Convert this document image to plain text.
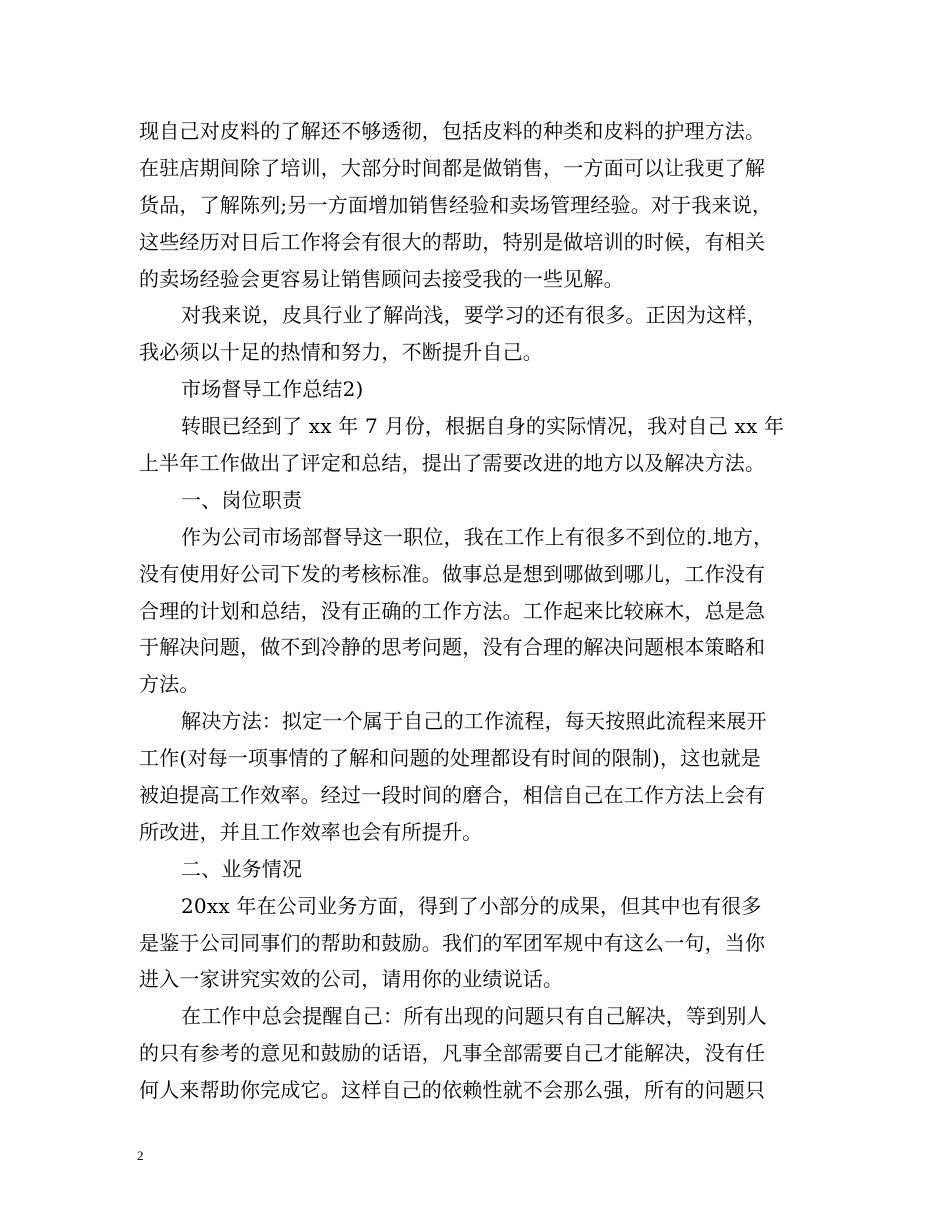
现自己对皮料的了解还不够透彻，包括皮料的种类和皮料的护理方法。
在驻店期间除了培训，大部分时间都是做销售，一方面可以让我更了解
货品，了解陈列;另一方面增加销售经验和卖场管理经验。对于我来说，
这些经历对日后工作将会有很大的帮助，特别是做培训的时候，有相关
的卖场经验会更容易让销售顾问去接受我的一些见解。
对我来说，皮具行业了解尚浅，要学习的还有很多。正因为这样，
我必须以十足的热情和努力，不断提升自己。
市场督导工作总结2)
转眼已经到了 xx 年 7 月份，根据自身的实际情况，我对自己 xx 年
上半年工作做出了评定和总结，提出了需要改进的地方以及解决方法。
一、岗位职责
作为公司市场部督导这一职位，我在工作上有很多不到位的.地方，
没有使用好公司下发的考核标准。做事总是想到哪做到哪儿，工作没有
合理的计划和总结，没有正确的工作方法。工作起来比较麻木，总是急
于解决问题，做不到冷静的思考问题，没有合理的解决问题根本策略和
方法。
解决方法：拟定一个属于自己的工作流程，每天按照此流程来展开
工作(对每一项事情的了解和问题的处理都设有时间的限制)，这也就是
被迫提高工作效率。经过一段时间的磨合，相信自己在工作方法上会有
所改进，并且工作效率也会有所提升。
二、业务情况
20xx 年在公司业务方面，得到了小部分的成果，但其中也有很多
是鉴于公司同事们的帮助和鼓励。我们的军团军规中有这么一句，当你
进入一家讲究实效的公司，请用你的业绩说话。
在工作中总会提醒自己：所有出现的问题只有自己解决，等到别人
的只有参考的意见和鼓励的话语，凡事全部需要自己才能解决，没有任
何人来帮助你完成它。这样自己的依赖性就不会那么强，所有的问题只
2
